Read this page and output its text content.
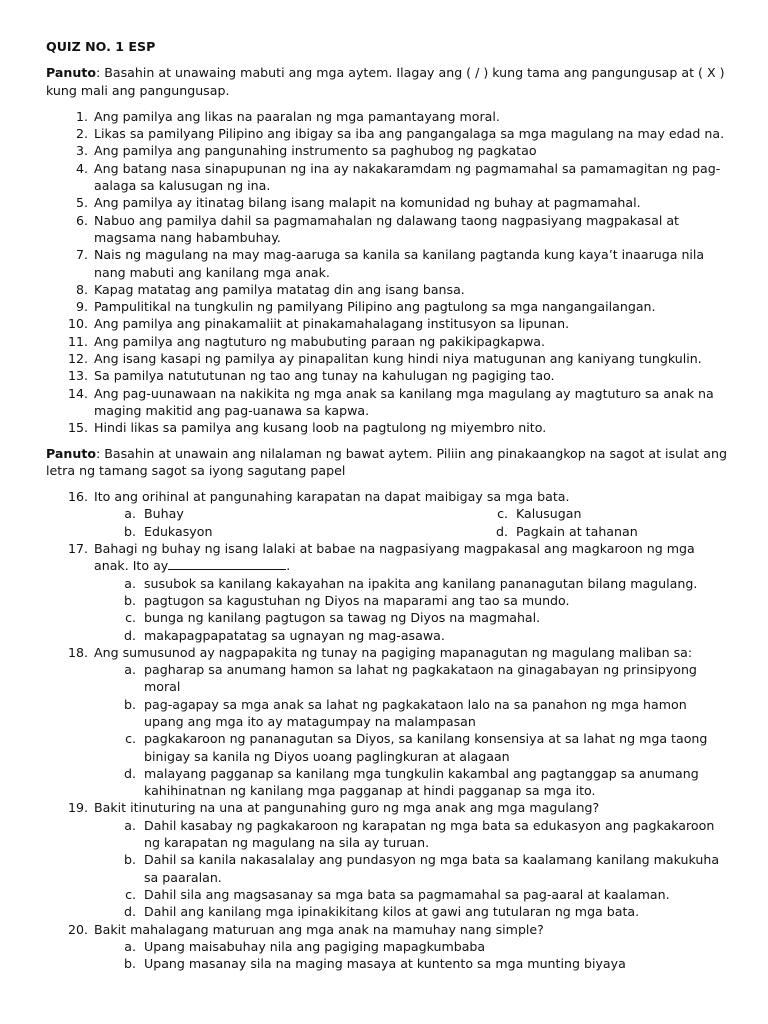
QUIZ NO. 1 ESP
Panuto: Basahin at unawaing mabuti ang mga aytem. Ilagay ang ( / ) kung tama ang pangungusap at ( X ) kung mali ang pangungusap.
1. Ang pamilya ang likas na paaralan ng mga pamantayang moral.
2. Likas sa pamilyang Pilipino ang ibigay sa iba ang pangangalaga sa mga magulang na may edad na.
3. Ang pamilya ang pangunahing instrumento sa paghubog ng pagkatao
4. Ang batang nasa sinapupunan ng ina ay nakakaramdam ng pagmamahal sa pamamagitan ng pag-aalaga sa kalusugan ng ina.
5. Ang pamilya ay itinatag bilang isang malapit na komunidad ng buhay at pagmamahal.
6. Nabuo ang pamilya dahil sa pagmamahalan ng dalawang taong nagpasiyang magpakasal at magsama nang habambuhay.
7. Nais ng magulang na may mag-aaruga sa kanila sa kanilang pagtanda kung kaya’t inaaruga nila nang mabuti ang kanilang mga anak.
8. Kapag matatag ang pamilya matatag din ang isang bansa.
9. Pampulitikal na tungkulin ng pamilyang Pilipino ang pagtulong sa mga nangangailangan.
10. Ang pamilya ang pinakamaliit at pinakamahalagang institusyon sa lipunan.
11. Ang pamilya ang nagtuturo ng mabubuting paraan ng pakikipagkapwa.
12. Ang isang kasapi ng pamilya ay pinapalitan kung hindi niya matugunan ang kaniyang tungkulin.
13. Sa pamilya natututunan ng tao ang tunay na kahulugan ng pagiging tao.
14. Ang pag-uunawaan na nakikita ng mga anak sa kanilang mga magulang ay magtuturo sa anak na maging makitid ang pag-uanawa sa kapwa.
15. Hindi likas sa pamilya ang kusang loob na pagtulong ng miyembro nito.
Panuto: Basahin at unawain ang nilalaman ng bawat aytem. Piliin ang pinakaangkop na sagot at isulat ang letra ng tamang sagot sa iyong sagutang papel
16. Ito ang orihinal at pangunahing karapatan na dapat maibigay sa mga bata.
a. Buhay	c. Kalusugan
b. Edukasyon	d. Pagkain at tahanan
17. Bahagi ng buhay ng isang lalaki at babae na nagpasiyang magpakasal ang magkaroon ng mga anak. Ito ay	.
a. susubok sa kanilang kakayahan na ipakita ang kanilang pananagutan bilang magulang.
b. pagtugon sa kagustuhan ng Diyos na maparami ang tao sa mundo.
c. bunga ng kanilang pagtugon sa tawag ng Diyos na magmahal.
d. makapagpapatatag sa ugnayan ng mag-asawa.
18. Ang sumusunod ay nagpapakita ng tunay na pagiging mapanagutan ng magulang maliban sa:
a. pagharap sa anumang hamon sa lahat ng pagkakataon na ginagabayan ng prinsipyong moral
b. pag-agapay sa mga anak sa lahat ng pagkakataon lalo na sa panahon ng mga hamon upang ang mga ito ay matagumpay na malampasan
c. pagkakaroon ng pananagutan sa Diyos, sa kanilang konsensiya at sa lahat ng mga taong binigay sa kanila ng Diyos uoang paglingkuran at alagaan
d. malayang pagganap sa kanilang mga tungkulin kakambal ang pagtanggap sa anumang kahihinatnan ng kanilang mga pagganap at hindi pagganap sa mga ito.
19. Bakit itinuturing na una at pangunahing guro ng mga anak ang mga magulang?
a. Dahil kasabay ng pagkakaroon ng karapatan ng mga bata sa edukasyon ang pagkakaroon ng karapatan ng magulang na sila ay turuan.
b. Dahil sa kanila nakasalalay ang pundasyon ng mga bata sa kaalamang kanilang makukuha sa paaralan.
c. Dahil sila ang magsasanay sa mga bata sa pagmamahal sa pag-aaral at kaalaman.
d. Dahil ang kanilang mga ipinakikitang kilos at gawi ang tutularan ng mga bata.
20. Bakit mahalagang maturuan ang mga anak na mamuhay nang simple?
a. Upang maisabuhay nila ang pagiging mapagkumbaba
b. Upang masanay sila na maging masaya at kuntento sa mga munting biyaya
